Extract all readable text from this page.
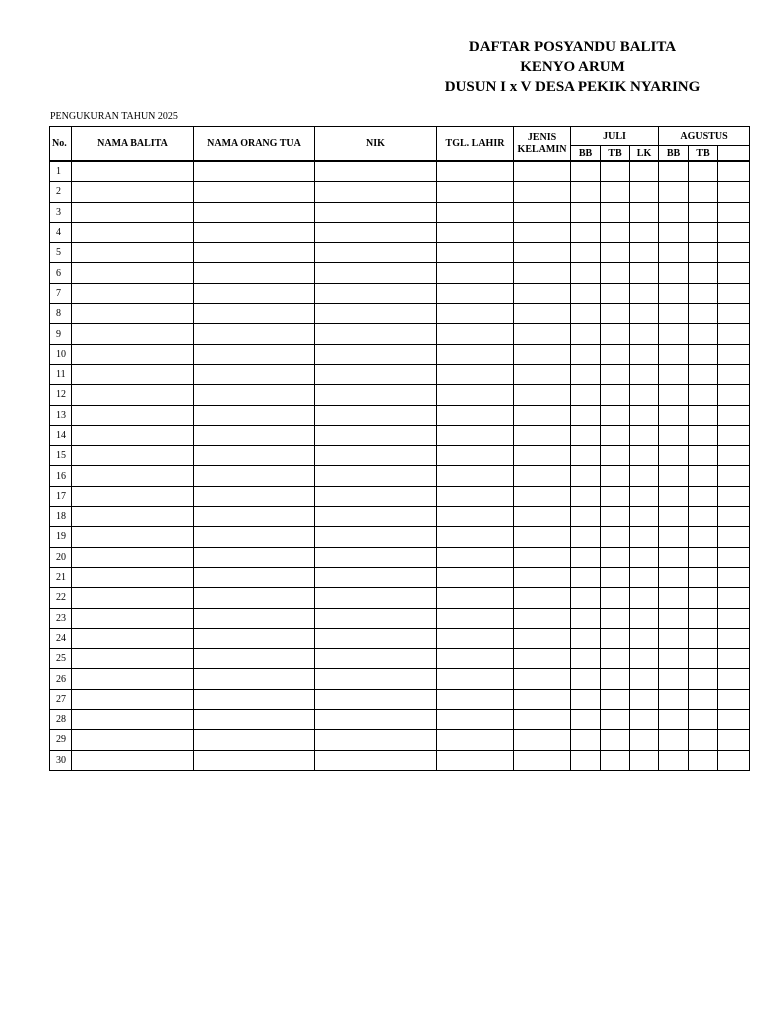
DAFTAR POSYANDU BALITA
KENYO ARUM
DUSUN I x V DESA PEKIK NYARING
PENGUKURAN TAHUN 2025
No.	NAMA BALITA	NAMA ORANG TUA	NIK	TGL. LAHIR	JENIS
KELAMIN	JULI			AGUSTUS		
						BB	TB	LK	BB	TB	
1											
2											
3											
4											
5											
6											
7											
8											
9											
10											
11											
12											
13											
14											
15											
16											
17											
18											
19											
20											
21											
22											
23											
24											
25											
26											
27											
28											
29											
30											
